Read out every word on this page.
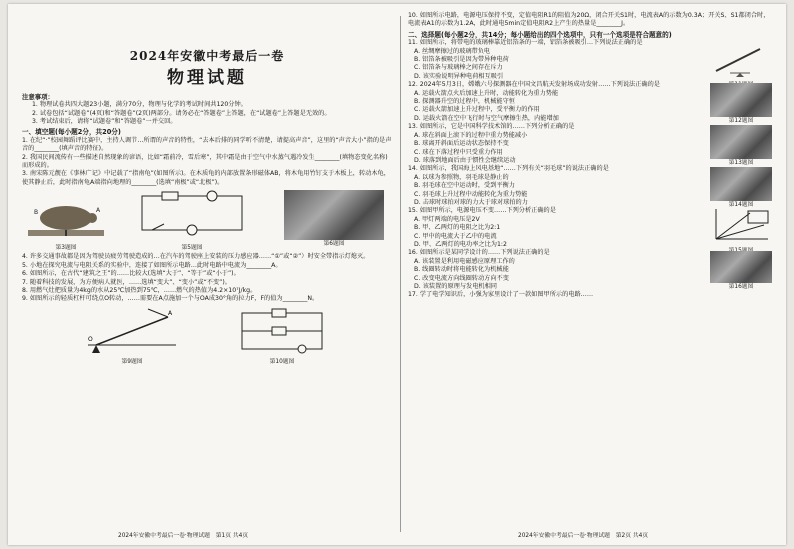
2024年安徽中考最后一卷
物理试题
注意事项：
1. 物理试卷共四大题23小题，满分70分，物理与化学的考试时间共120分钟。
2. 试卷包括“试题卷”(4页)和“答题卷”(2页)两部分。请务必在“答题卷”上答题，在“试题卷”上答题是无效的。
3. 考试结束后，请将“试题卷”和“答题卷”一并交回。
一、填空题(每小题2分，共20分)

1. 在纪“·”校园舞蹈评比赛中，主持人调节…所谓的声音的特性，“去本后排的同学听不清楚，请提高声音”，这里的“声音大小”指的是声音的________(填声音的特征)。

2. 我国民间流传有一些描述自然现象的谚语，比如“霜前冷，雪后寒”，其中霜是由于空气中水蒸气遇冷发生________(填物态变化名称)而形成的。

3. 南宋陈元靓在《事林广记》中记载了“指南龟”(如图所示)。在木质龟的内部放置条形磁体AB，将木龟用竹钉支于木板上，转动木龟，使其静止后，此时指南龟A端指向地理的________(选填“南极”或“北极”)。

B	A
第3题图	第5题图
第6题图

4. 许多交通事故都是因为驾驶员疲劳驾驶造成的…在汽车的驾驶座上安装的压力感应器……“①”或“②”）时安全带指示灯熄灭。

5. 小地在探究电流与电阻关系的实验中，连接了如图所示电路…此时电路中电流为________A。

6. 如图所示，在古代“建筑之王”的……比较大(选填“大于”、“等于”或“小于”)。

7. 随着科技的发展，为方便病人就医，……选填“变大”、“变小”或“不变”)。

8. 用燃气灶把质量为4kg的水从25℃加热到75℃，……燃气的热值为4.2×10⁷J/kg。

9. 如图所示的轻质杠杆可绕点O转动，……需要在A点施加一个与OA成30°角的拉力F，F的值为________N。

O
A
第9题图	第10题图
2024年安徽中考最后一卷·物理试题　第1页 共4页

10. 如图所示电路，电源电压保持不变，定值电阻R1的阻值为20Ω，闭合开关S1时，电流表A的示数为0.3A；开关S、S1都闭合时，电流表A1的示数为1.2A，此时通电5min定值电阻R2上产生的热量是________J。

二、选择题(每小题2分，共14分；每小题给出的四个选项中，只有一个选项是符合题意的)

11. 如图所示，将带电的玻璃棒靠近铝箔条的一端，铝箔条被吸引…下列说法正确的是

A. 丝绸摩擦过的玻璃带负电
B. 铝箔条被吸引是因为带异种电荷
C. 铝箔条与玻璃棒之间存在斥力
D. 该实验说明异种电荷相互吸引

12. 2024年5月3日，嫦娥六号探测器在中国文昌航天发射场成功发射……下列说法正确的是

A. 运载火箭点火后加速上升时，动能转化为重力势能
B. 探测器升空的过程中，机械能守恒
C. 运载火箭加速上升过程中，受平衡力的作用
D. 运载火箭在空中飞行时与空气摩擦生热，内能增加	第12题图

13. 如图所示，它是中国科学技术馆的……下列分析正确的是

A. 球在斜面上滚下的过程中重力势能减小
B. 球离开斜面后运动状态保持不变
C. 球在下落过程中只受重力作用
D. 球落到地面后由于惯性会继续运动	第13题图

14. 如图所示，我国海上风电基地“……下列有关“羽毛球”的说法正确的是

A. 以球为参照物，羽毛球是静止的
B. 羽毛球在空中运动时，受到平衡力
C. 羽毛球上升过程中动能转化为重力势能
D. 击球时球拍对球的力大于球对球拍的力	第14题图

15. 如图甲所示，电源电压不变……下列分析正确的是

A. 甲灯两端的电压是2V
B. 甲、乙两灯的电阻之比为2:1
C. 甲中的电流大于乙中的电流
D. 甲、乙两灯的电功率之比为1:2

16. 如图所示是某同学设计的……下列说法正确的是

A. 该装置是利用电磁感应原理工作的
B. 线圈转动时将电能转化为机械能
C. 改变电流方向线圈转动方向不变
D. 该装置的原理与发电机相同	第16题图

17. 学了电学知识后，小强为家里设计了一款如图甲所示的电路……

2024年安徽中考最后一卷·物理试题　第2页 共4页
